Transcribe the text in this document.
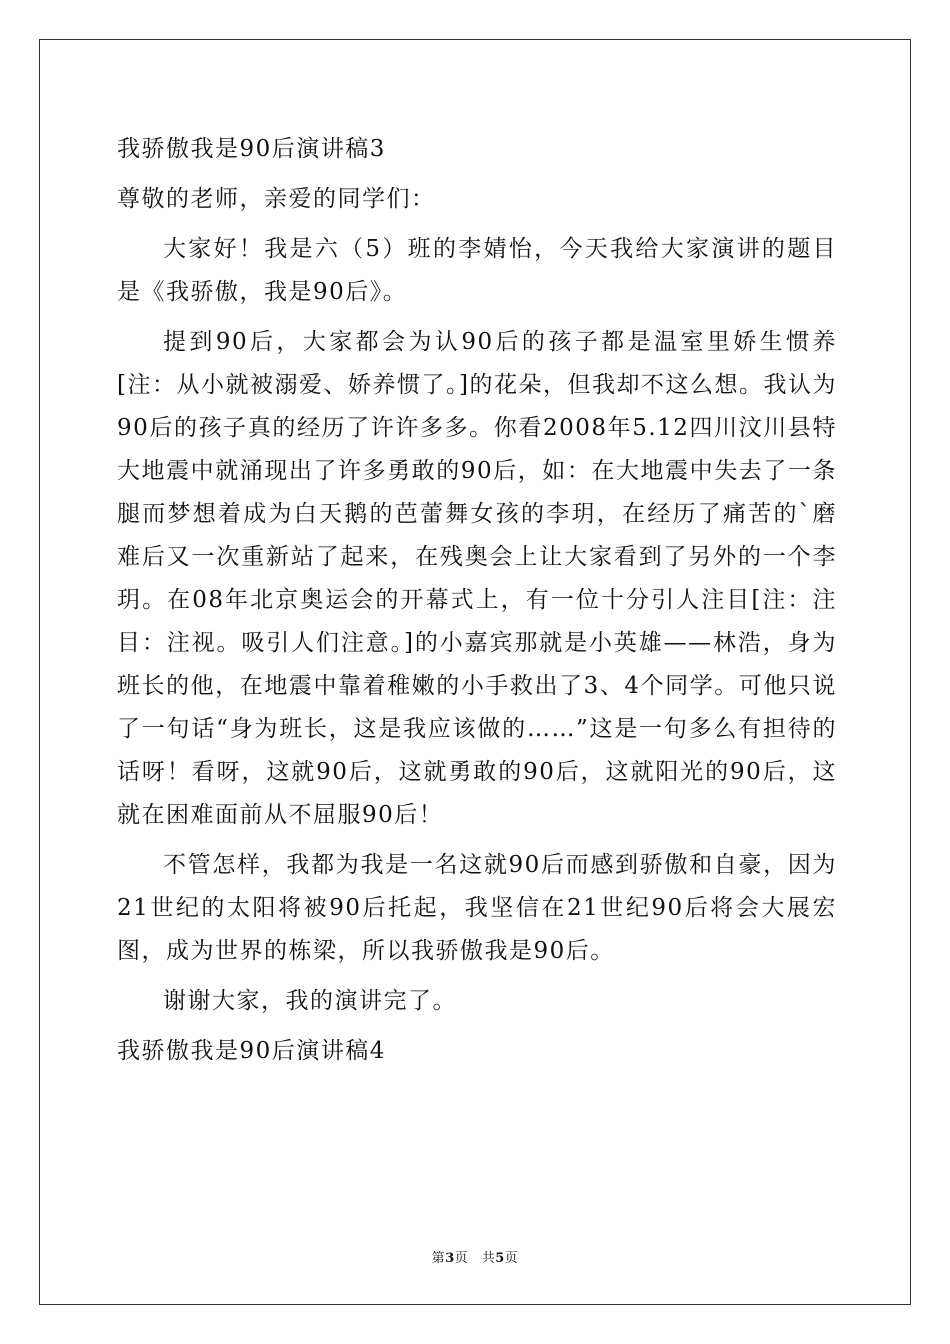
我骄傲我是90后演讲稿3

尊敬的老师，亲爱的同学们：

大家好！我是六（5）班的李婧怡，今天我给大家演讲的题目是《我骄傲，我是90后》。

提到90后，大家都会为认90后的孩子都是温室里娇生惯养[注：从小就被溺爱、娇养惯了。]的花朵，但我却不这么想。我认为90后的孩子真的经历了许许多多。你看2008年5.12四川汶川县特大地震中就涌现出了许多勇敢的90后，如：在大地震中失去了一条腿而梦想着成为白天鹅的芭蕾舞女孩的李玥，在经历了痛苦的`磨难后又一次重新站了起来，在残奥会上让大家看到了另外的一个李玥。在08年北京奥运会的开幕式上，有一位十分引人注目[注：注目：注视。吸引人们注意。]的小嘉宾那就是小英雄——林浩，身为班长的他，在地震中靠着稚嫩的小手救出了3、4个同学。可他只说了一句话“身为班长，这是我应该做的……”这是一句多么有担待的话呀！看呀，这就90后，这就勇敢的90后，这就阳光的90后，这就在困难面前从不屈服90后！

不管怎样，我都为我是一名这就90后而感到骄傲和自豪，因为21世纪的太阳将被90后托起，我坚信在21世纪90后将会大展宏图，成为世界的栋梁，所以我骄傲我是90后。

谢谢大家，我的演讲完了。

我骄傲我是90后演讲稿4

第3页　共5页
